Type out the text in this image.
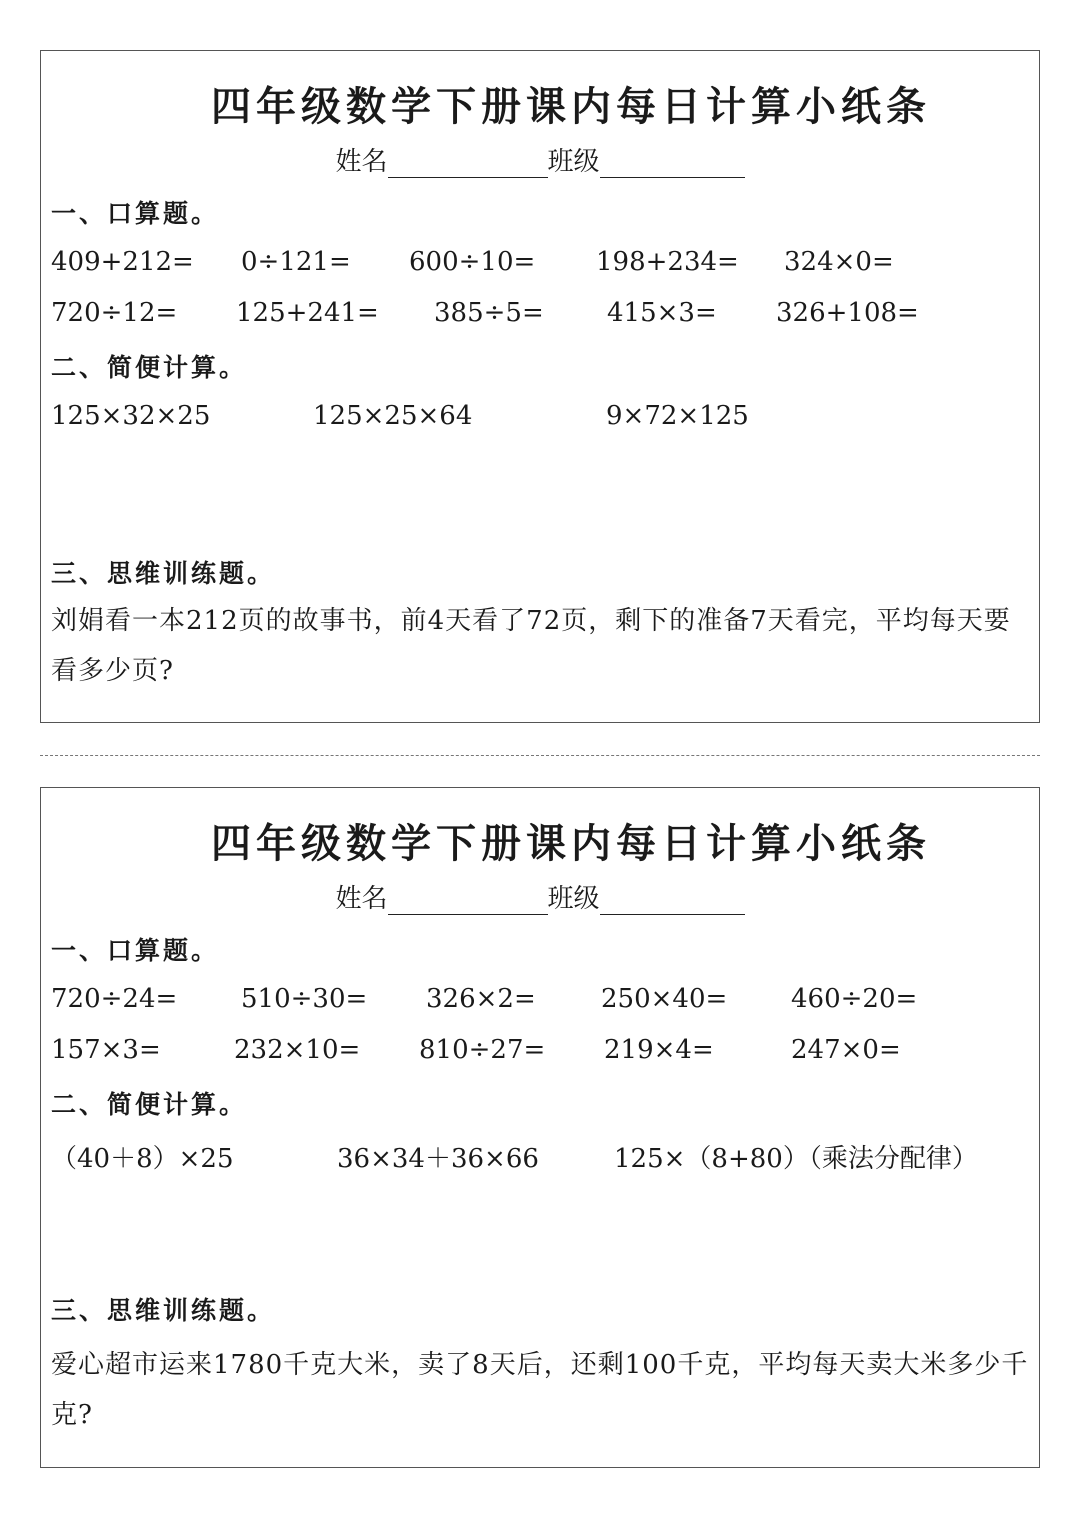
四年级数学下册课内每日计算小纸条
姓名	班级
一、口算题。
409+212= 0÷121= 600÷10= 198+234= 324×0=
720÷12= 125+241= 385÷5= 415×3= 326+108=
二、简便计算。
125×32×25	125×25×64	9×72×125
三、思维训练题。
刘娟看一本212页的故事书，前4天看了72页，剩下的准备7天看完，平均每天要看多少页?
四年级数学下册课内每日计算小纸条
姓名	班级
一、口算题。
720÷24= 510÷30= 326×2=	250×40= 460÷20=
157×3=	232×10= 810÷27= 219×4=	247×0=
二、简便计算。
（40＋8）×25	36×34＋36×66	125×（8+80）（乘法分配律）
三、思维训练题。
爱心超市运来1780千克大米，卖了8天后，还剩100千克，平均每天卖大米多少千克?
